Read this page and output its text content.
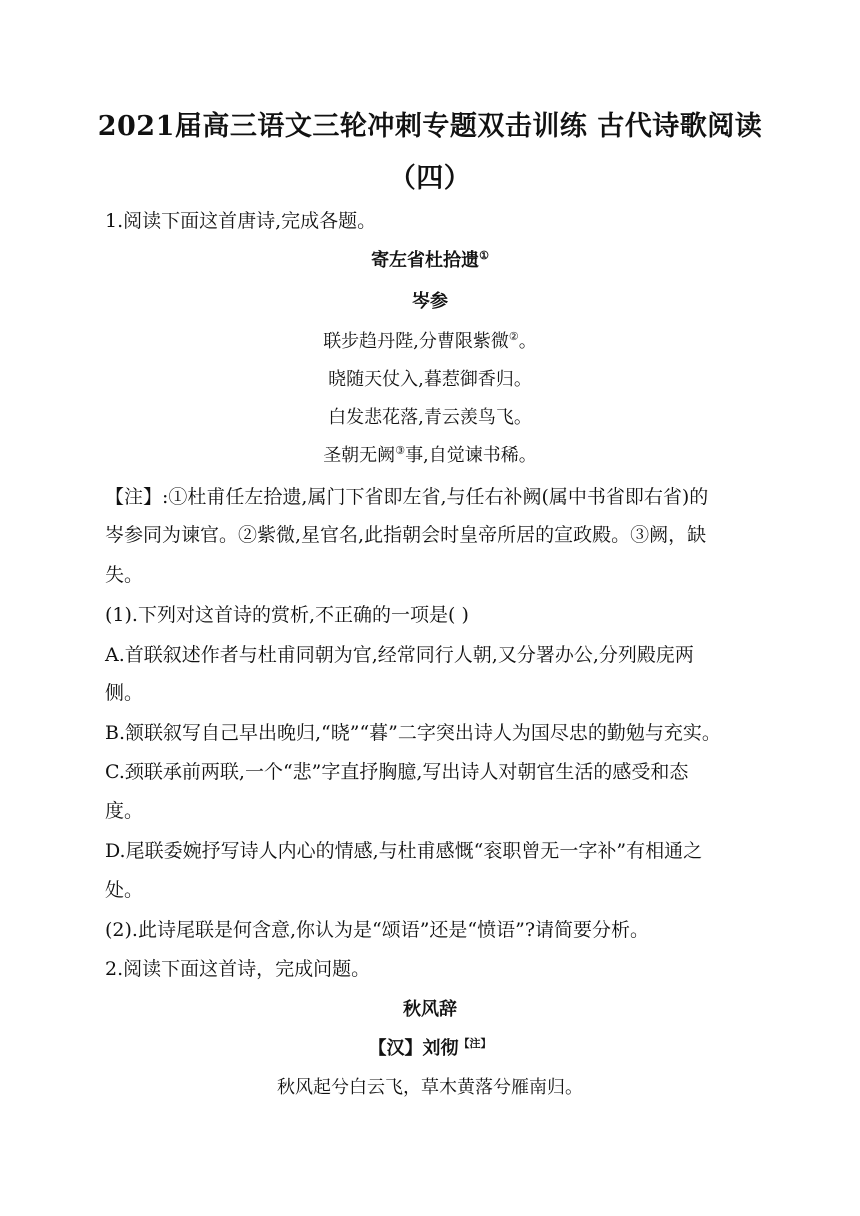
2021届高三语文三轮冲刺专题双击训练 古代诗歌阅读
（四）
1.阅读下面这首唐诗,完成各题。
寄左省杜拾遗①
岑参
联步趋丹陛,分曹限紫微②。
晓随天仗入,暮惹御香归。
白发悲花落,青云羡鸟飞。
圣朝无阙③事,自觉谏书稀。
【注】:①杜甫任左拾遗,属门下省即左省,与任右补阙(属中书省即右省)的
岑参同为谏官。②紫微,星官名,此指朝会时皇帝所居的宣政殿。③阙，缺
失。
(1).下列对这首诗的赏析,不正确的一项是( )
A.首联叙述作者与杜甫同朝为官,经常同行人朝,又分署办公,分列殿庑两
侧。
B.颔联叙写自己早出晚归,“晓”“暮”二字突出诗人为国尽忠的勤勉与充实。
C.颈联承前两联,一个“悲”字直抒胸臆,写出诗人对朝官生活的感受和态
度。
D.尾联委婉抒写诗人内心的情感,与杜甫感慨“衮职曾无一字补”有相通之
处。
(2).此诗尾联是何含意,你认为是“颂语”还是“愤语”?请简要分析。
2.阅读下面这首诗，完成问题。
秋风辞
【汉】刘彻$^{【注】}$
秋风起兮白云飞，草木黄落兮雁南归。
